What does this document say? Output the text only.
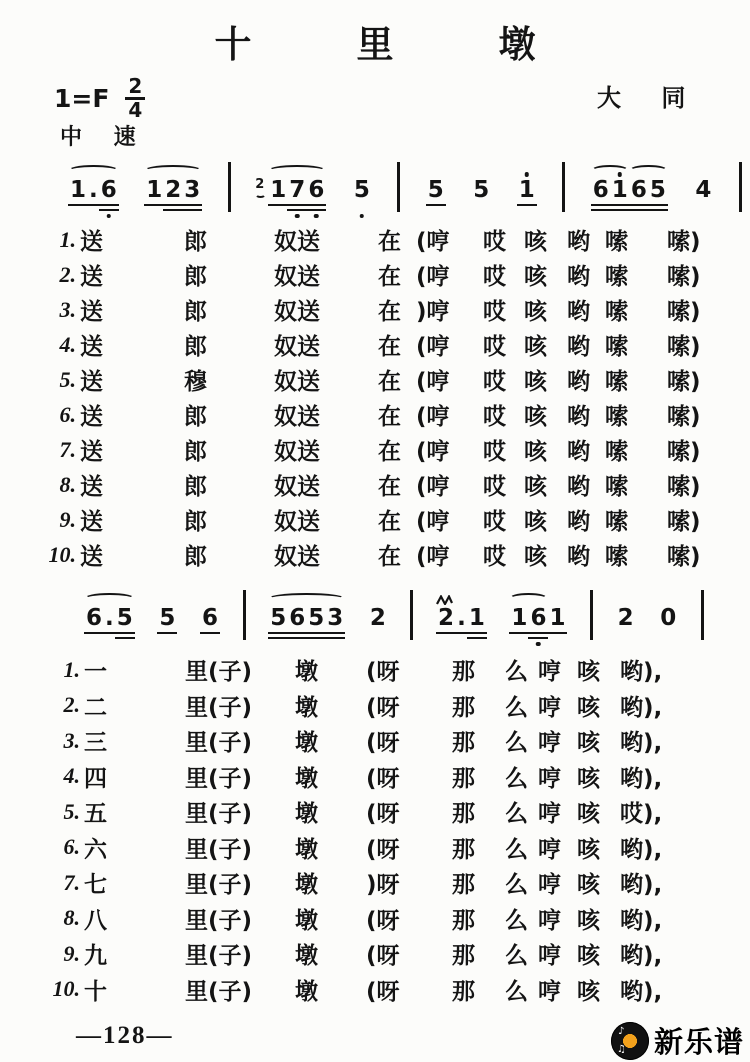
十　里　墩
$1=F \frac{2}{4}$	大 同
中 速
1 . 6 1 2 3	1 7 6
2	5	5 5 1	6 1 6 5 4
1. 送	郎	奴送	在 (哼	哎 咳 哟 嗦	嗦)
2. 送	郎	奴送	在 (哼	哎 咳 哟 嗦	嗦)
3. 送	郎	奴送	在 )哼	哎 咳 哟 嗦	嗦)
4. 送	郎	奴送	在 (哼	哎 咳 哟 嗦	嗦)
5. 送	穆	奴送	在 (哼	哎 咳 哟 嗦	嗦)
6. 送	郎	奴送	在 (哼	哎 咳 哟 嗦	嗦)
7. 送	郎	奴送	在 (哼	哎 咳 哟 嗦	嗦)
8. 送	郎	奴送	在 (哼	哎 咳 哟 嗦	嗦)
9. 送	郎	奴送	在 (哼	哎 咳 哟 嗦	嗦)
10. 送	郎	奴送	在 (哼	哎 咳 哟 嗦	嗦)
6 . 5 5 6 5 6 5 3 2 2 . 1 1 6 1 2 0
1. 一	里(子)	墩	(呀	那	么 哼 咳 哟),
2. 二	里(子)	墩	(呀	那	么 哼 咳 哟),
3. 三	里(子)	墩	(呀	那	么 哼 咳 哟),
4. 四	里(子)	墩	(呀	那	么 哼 咳 哟),
5. 五	里(子)	墩	(呀	那	么 哼 咳 哎),
6. 六	里(子)	墩	(呀	那	么 哼 咳 哟),
7. 七	里(子)	墩	)呀	那	么 哼 咳 哟),
8. 八	里(子)	墩	(呀	那	么 哼 咳 哟),
9. 九	里(子)	墩	(呀	那	么 哼 咳 哟),
10. 十	里(子)	墩	(呀	那	么 哼 咳 哟),
—128—	♪
♫ 新乐谱
